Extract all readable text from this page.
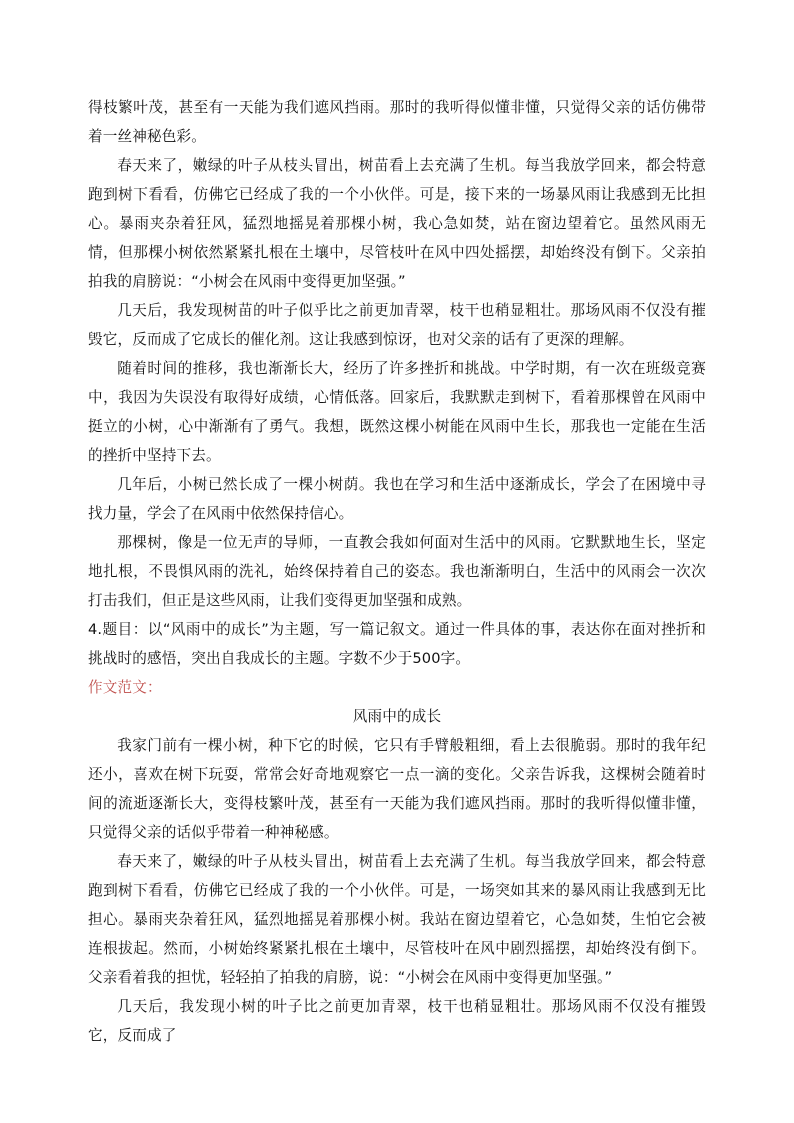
得枝繁叶茂，甚至有一天能为我们遮风挡雨。那时的我听得似懂非懂，只觉得父亲的话仿佛带着一丝神秘色彩。

春天来了，嫩绿的叶子从枝头冒出，树苗看上去充满了生机。每当我放学回来，都会特意跑到树下看看，仿佛它已经成了我的一个小伙伴。可是，接下来的一场暴风雨让我感到无比担心。暴雨夹杂着狂风，猛烈地摇晃着那棵小树，我心急如焚，站在窗边望着它。虽然风雨无情，但那棵小树依然紧紧扎根在土壤中，尽管枝叶在风中四处摇摆，却始终没有倒下。父亲拍拍我的肩膀说：“小树会在风雨中变得更加坚强。”

几天后，我发现树苗的叶子似乎比之前更加青翠，枝干也稍显粗壮。那场风雨不仅没有摧毁它，反而成了它成长的催化剂。这让我感到惊讶，也对父亲的话有了更深的理解。

随着时间的推移，我也渐渐长大，经历了许多挫折和挑战。中学时期，有一次在班级竞赛中，我因为失误没有取得好成绩，心情低落。回家后，我默默走到树下，看着那棵曾在风雨中挺立的小树，心中渐渐有了勇气。我想，既然这棵小树能在风雨中生长，那我也一定能在生活的挫折中坚持下去。

几年后，小树已然长成了一棵小树荫。我也在学习和生活中逐渐成长，学会了在困境中寻找力量，学会了在风雨中依然保持信心。

那棵树，像是一位无声的导师，一直教会我如何面对生活中的风雨。它默默地生长，坚定地扎根，不畏惧风雨的洗礼，始终保持着自己的姿态。我也渐渐明白，生活中的风雨会一次次打击我们，但正是这些风雨，让我们变得更加坚强和成熟。

4.题目：以“风雨中的成长”为主题，写一篇记叙文。通过一件具体的事，表达你在面对挫折和挑战时的感悟，突出自我成长的主题。字数不少于500字。

作文范文：

风雨中的成长

我家门前有一棵小树，种下它的时候，它只有手臂般粗细，看上去很脆弱。那时的我年纪还小，喜欢在树下玩耍，常常会好奇地观察它一点一滴的变化。父亲告诉我，这棵树会随着时间的流逝逐渐长大，变得枝繁叶茂，甚至有一天能为我们遮风挡雨。那时的我听得似懂非懂，只觉得父亲的话似乎带着一种神秘感。

春天来了，嫩绿的叶子从枝头冒出，树苗看上去充满了生机。每当我放学回来，都会特意跑到树下看看，仿佛它已经成了我的一个小伙伴。可是，一场突如其来的暴风雨让我感到无比担心。暴雨夹杂着狂风，猛烈地摇晃着那棵小树。我站在窗边望着它，心急如焚，生怕它会被连根拔起。然而，小树始终紧紧扎根在土壤中，尽管枝叶在风中剧烈摇摆，却始终没有倒下。父亲看着我的担忧，轻轻拍了拍我的肩膀，说：“小树会在风雨中变得更加坚强。”

几天后，我发现小树的叶子比之前更加青翠，枝干也稍显粗壮。那场风雨不仅没有摧毁它，反而成了
